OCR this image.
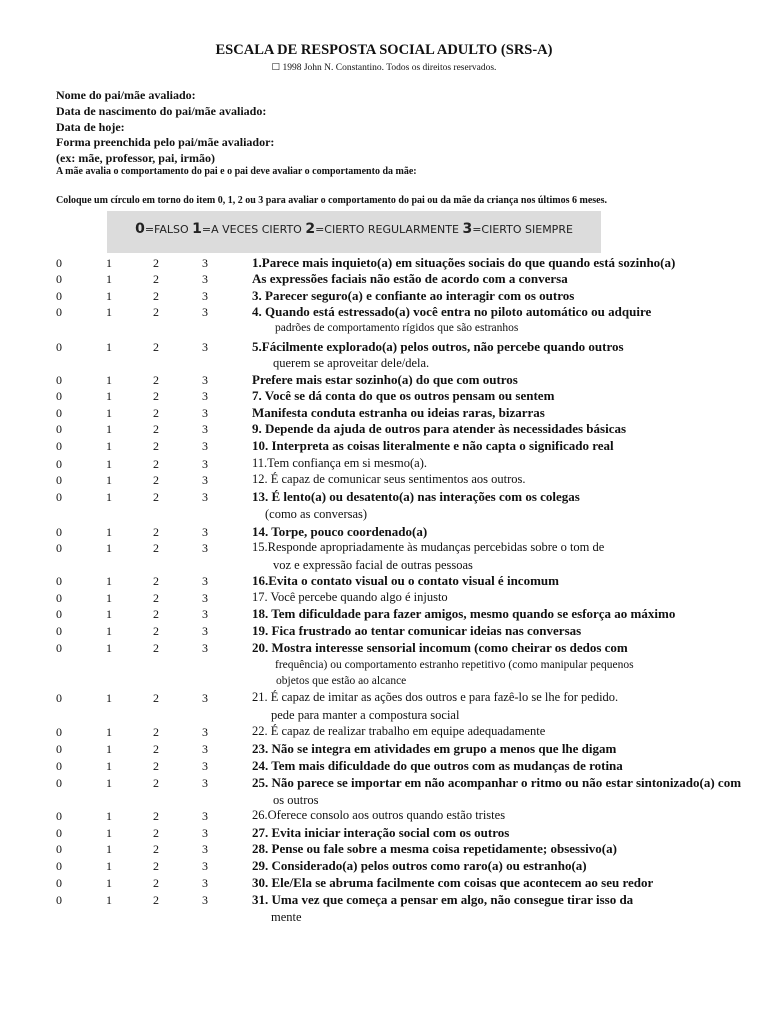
ESCALA DE RESPOSTA SOCIAL ADULTO (SRS-A)
☐ 1998 John N. Constantino. Todos os direitos reservados.
Nome do pai/mãe avaliado:
Data de nascimento do pai/mãe avaliado:
Data de hoje:
Forma preenchida pelo pai/mãe avaliador:
(ex: mãe, professor, pai, irmão)
A mãe avalia o comportamento do pai e o pai deve avaliar o comportamento da mãe:
Coloque um círculo em torno do item 0, 1, 2 ou 3 para avaliar o comportamento do pai ou da mãe da criança nos últimos 6 meses.
0=FALSO 1=A VECES CIERTO 2=CIERTO REGULARMENTE 3=CIERTO SIEMPRE
0	1	2	3	1.Parece mais inquieto(a) em situações sociais do que quando está sozinho(a)
0	1	2	3	As expressões faciais não estão de acordo com a conversa
0	1	2	3	3. Parecer seguro(a) e confiante ao interagir com os outros
0	1	2	3	4. Quando está estressado(a) você entra no piloto automático ou adquire
padrões de comportamento rígidos que são estranhos
0	1	2	3	5.Fácilmente explorado(a) pelos outros, não percebe quando outros
querem se aproveitar dele/dela.
0	1	2	3	Prefere mais estar sozinho(a) do que com outros
0	1	2	3	7. Você se dá conta do que os outros pensam ou sentem
0	1	2	3	Manifesta conduta estranha ou ideias raras, bizarras
0	1	2	3	9. Depende da ajuda de outros para atender às necessidades básicas
0	1	2	3	10. Interpreta as coisas literalmente e não capta o significado real
0	1	2	3	11.Tem confiança em si mesmo(a).
0	1	2	3	12. É capaz de comunicar seus sentimentos aos outros.
0	1	2	3	13. É lento(a) ou desatento(a) nas interações com os colegas
(como as conversas)
0	1	2	3	14. Torpe, pouco coordenado(a)
0	1	2	3	15.Responde apropriadamente às mudanças percebidas sobre o tom de
voz e expressão facial de outras pessoas
0	1	2	3	16.Evita o contato visual ou o contato visual é incomum
0	1	2	3	17. Você percebe quando algo é injusto
0	1	2	3	18. Tem dificuldade para fazer amigos, mesmo quando se esforça ao máximo
0	1	2	3	19. Fica frustrado ao tentar comunicar ideias nas conversas
0	1	2	3	20. Mostra interesse sensorial incomum (como cheirar os dedos com
frequência) ou comportamento estranho repetitivo (como manipular pequenos
objetos que estão ao alcance
0	1	2	3	21. É capaz de imitar as ações dos outros e para fazê-lo se lhe for pedido.
pede para manter a compostura social
0	1	2	3	22. É capaz de realizar trabalho em equipe adequadamente
0	1	2	3	23. Não se integra em atividades em grupo a menos que lhe digam
0	1	2	3	24. Tem mais dificuldade do que outros com as mudanças de rotina
0	1	2	3	25. Não parece se importar em não acompanhar o ritmo ou não estar sintonizado(a) com
os outros
0	1	2	3	26.Oferece consolo aos outros quando estão tristes
0	1	2	3	27. Evita iniciar interação social com os outros
0	1	2	3	28. Pense ou fale sobre a mesma coisa repetidamente; obsessivo(a)
0	1	2	3	29. Considerado(a) pelos outros como raro(a) ou estranho(a)
0	1	2	3	30. Ele/Ela se abruma facilmente com coisas que acontecem ao seu redor
0	1	2	3	31. Uma vez que começa a pensar em algo, não consegue tirar isso da
mente
